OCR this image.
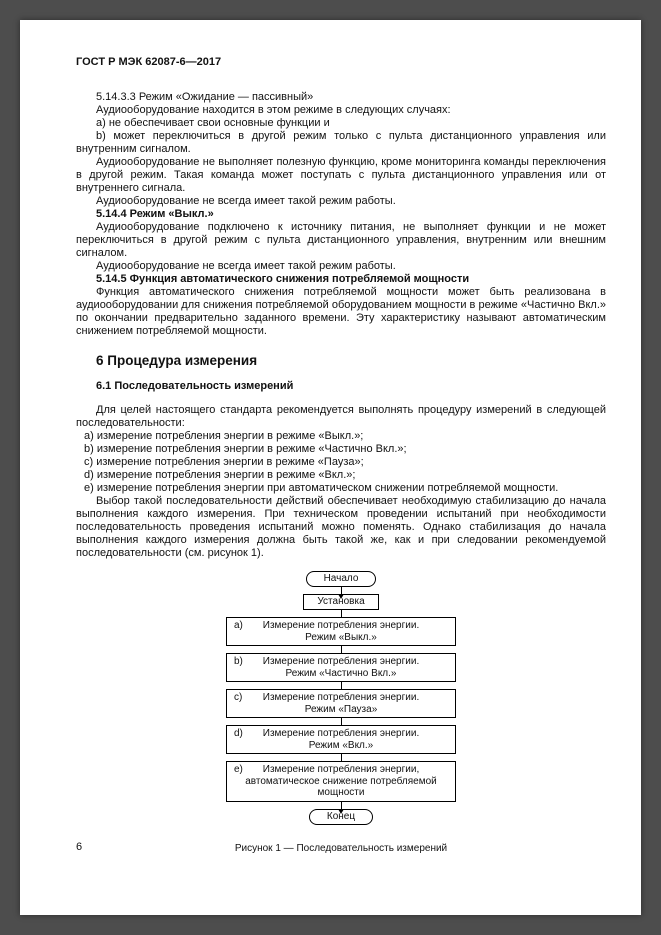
ГОСТ Р МЭК 62087-6—2017

5.14.3.3 Режим «Ожидание — пассивный»

Аудиооборудование находится в этом режиме в следующих случаях:

а) не обеспечивает свои основные функции и

b) может переключиться в другой режим только с пульта дистанционного управления или внутренним сигналом.

Аудиооборудование не выполняет полезную функцию, кроме мониторинга команды переключения в другой режим. Такая команда может поступать с пульта дистанционного управления или от внутреннего сигнала.

Аудиооборудование не всегда имеет такой режим работы.

5.14.4 Режим «Выкл.»

Аудиооборудование подключено к источнику питания, не выполняет функции и не может переключиться в другой режим с пульта дистанционного управления, внутренним или внешним сигналом.

Аудиооборудование не всегда имеет такой режим работы.

5.14.5 Функция автоматического снижения потребляемой мощности

Функция автоматического снижения потребляемой мощности может быть реализована в аудиооборудовании для снижения потребляемой оборудованием мощности в режиме «Частично Вкл.» по окончании предварительно заданного времени. Эту характеристику называют автоматическим снижением потребляемой мощности.

6 Процедура измерения
6.1 Последовательность измерений

Для целей настоящего стандарта рекомендуется выполнять процедуру измерений в следующей последовательности:

a) измерение потребления энергии в режиме «Выкл.»;

b) измерение потребления энергии в режиме «Частично Вкл.»;

c) измерение потребления энергии в режиме «Пауза»;

d) измерение потребления энергии в режиме «Вкл.»;

e) измерение потребления энергии при автоматическом снижении потребляемой мощности.

Выбор такой последовательности действий обеспечивает необходимую стабилизацию до начала выполнения каждого измерения. При техническом проведении испытаний при необходимости последовательность проведения испытаний можно поменять. Однако стабилизация до начала выполнения каждого измерения должна быть такой же, как и при следовании рекомендуемой последовательности (см. рисунок 1).

Начало
Установка
a)	Измерение потребления энергии.
Режим «Выкл.»
b)	Измерение потребления энергии.
Режим «Частично Вкл.»
c)	Измерение потребления энергии.
Режим «Пауза»
d)	Измерение потребления энергии.
Режим «Вкл.»
e)	Измерение потребления энергии,
автоматическое снижение потребляемой
мощности
Конец
Рисунок 1 — Последовательность измерений
6
